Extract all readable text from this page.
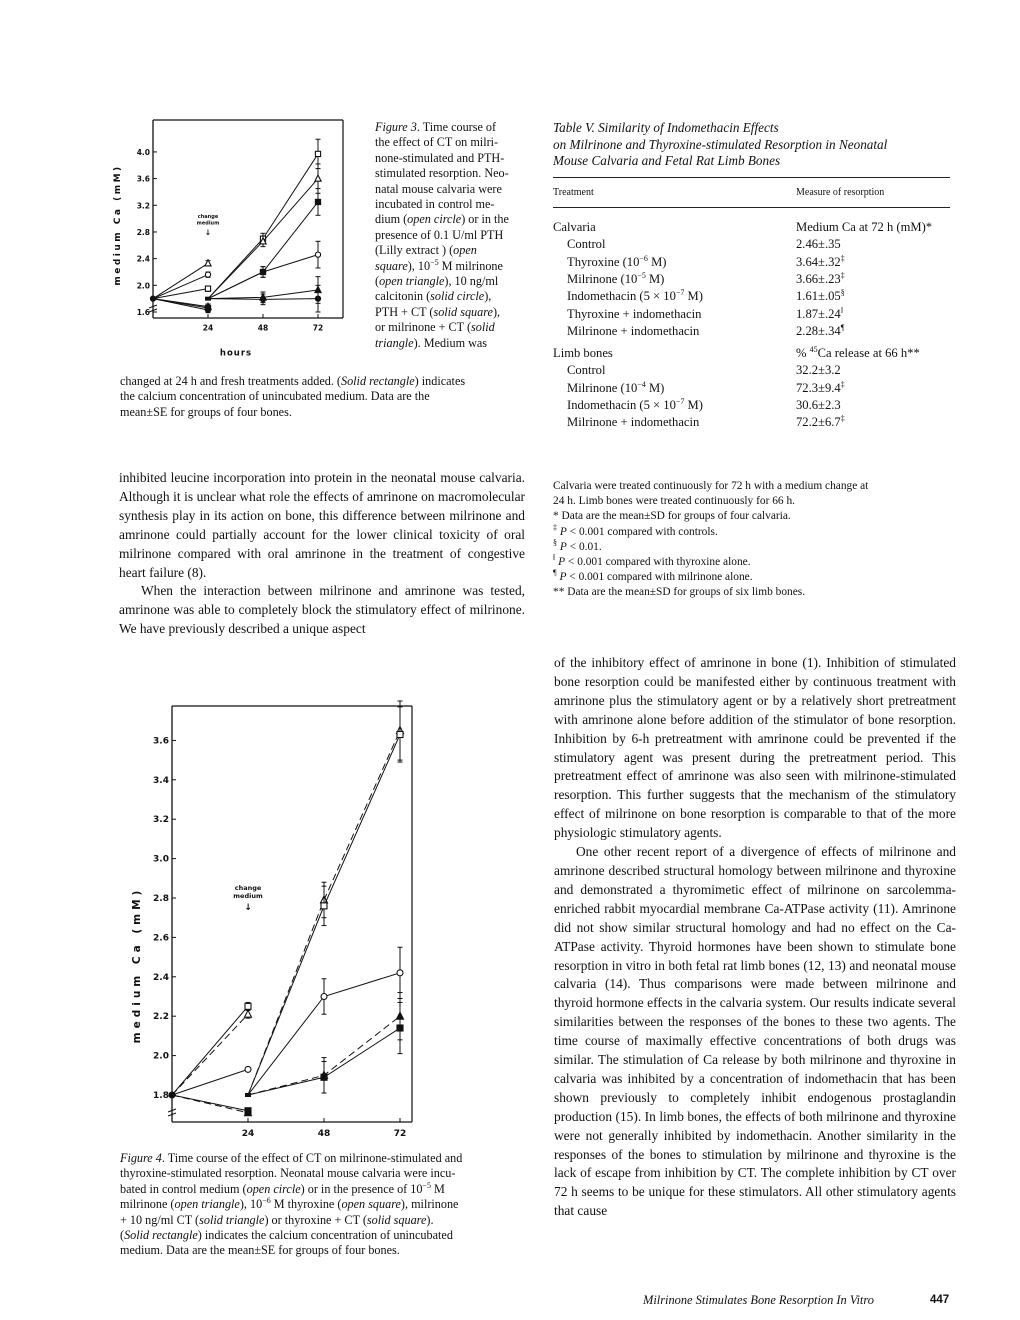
1.6
2.0
2.4
2.8
3.2
3.6
4.0
24	48	72
medium Ca (mM)
hours
change
medium
↓
Figure 3. Time course of
the effect of CT on milri-
none-stimulated and PTH-
stimulated resorption. Neo-
natal mouse calvaria were
incubated in control me-
dium (open circle) or in the
presence of 0.1 U/ml PTH
(Lilly extract ) (open
square), $10^{-5}$ M milrinone
(open triangle), 10 ng/ml
calcitonin (solid circle),
PTH + CT (solid square),
or milrinone + CT (solid
triangle). Medium was
changed at 24 h and fresh treatments added. (Solid rectangle) indicates
the calcium concentration of unincubated medium. Data are the
mean±SE for groups of four bones.

inhibited leucine incorporation into protein in the neonatal mouse calvaria. Although it is unclear what role the effects of amrinone on macromolecular synthesis play in its action on bone, this difference between milrinone and amrinone could partially account for the lower clinical toxicity of oral milrinone compared with oral amrinone in the treatment of congestive heart failure (8).

When the interaction between milrinone and amrinone was tested, amrinone was able to completely block the stimulatory effect of milrinone. We have previously described a unique aspect

1.8
2.0
2.2
2.4
2.6
2.8
3.0
3.2
3.4
3.6
24	48	72
medium Ca (mM)	change
medium
↓
Figure 4. Time course of the effect of CT on milrinone-stimulated and
thyroxine-stimulated resorption. Neonatal mouse calvaria were incu-
bated in control medium (open circle) or in the presence of $10^{-5}$ M
milrinone (open triangle), $10^{-6}$ M thyroxine (open square), milrinone
+ 10 ng/ml CT (solid triangle) or thyroxine + CT (solid square).
(Solid rectangle) indicates the calcium concentration of unincubated
medium. Data are the mean±SE for groups of four bones.
Table V. Similarity of Indomethacin Effects
on Milrinone and Thyroxine-stimulated Resorption in Neonatal
Mouse Calvaria and Fetal Rat Limb Bones
Treatment	Measure of resorption
Calvaria	Medium Ca at 72 h (mM)*
Control	2.46±.35
Thyroxine ($10^{-6}$ M)	3.64±.32‡
Milrinone ($10^{-5}$ M)	3.66±.23‡
Indomethacin ($5 \times 10^{-7}$ M)	1.61±.05§
Thyroxine + indomethacin	1.87±.24‖
Milrinone + indomethacin	2.28±.34¶
Limb bones	% $^{45}$Ca release at 66 h**
Control	32.2±3.2
Milrinone ($10^{-4}$ M)	72.3±9.4‡
Indomethacin ($5 \times 10^{-7}$ M)	30.6±2.3
Milrinone + indomethacin	72.2±6.7‡
Calvaria were treated continuously for 72 h with a medium change at
24 h. Limb bones were treated continuously for 66 h.
* Data are the mean±SD for groups of four calvaria.
‡ P < 0.001 compared with controls.
§ P < 0.01.
‖ P < 0.001 compared with thyroxine alone.
¶ P < 0.001 compared with milrinone alone.
** Data are the mean±SD for groups of six limb bones.

of the inhibitory effect of amrinone in bone (1). Inhibition of stimulated bone resorption could be manifested either by continuous treatment with amrinone plus the stimulatory agent or by a relatively short pretreatment with amrinone alone before addition of the stimulator of bone resorption. Inhibition by 6-h pretreatment with amrinone could be prevented if the stimulatory agent was present during the pretreatment period. This pretreatment effect of amrinone was also seen with milrinone-stimulated resorption. This further suggests that the mechanism of the stimulatory effect of milrinone on bone resorption is comparable to that of the more physiologic stimulatory agents.

One other recent report of a divergence of effects of milrinone and amrinone described structural homology between milrinone and thyroxine and demonstrated a thyromimetic effect of milrinone on sarcolemma-enriched rabbit myocardial membrane Ca-ATPase activity (11). Amrinone did not show similar structural homology and had no effect on the Ca-ATPase activity. Thyroid hormones have been shown to stimulate bone resorption in vitro in both fetal rat limb bones (12, 13) and neonatal mouse calvaria (14). Thus comparisons were made between milrinone and thyroid hormone effects in the calvaria system. Our results indicate several similarities between the responses of the bones to these two agents. The time course of maximally effective concentrations of both drugs was similar. The stimulation of Ca release by both milrinone and thyroxine in calvaria was inhibited by a concentration of indomethacin that has been shown previously to completely inhibit endogenous prostaglandin production (15). In limb bones, the effects of both milrinone and thyroxine were not generally inhibited by indomethacin. Another similarity in the responses of the bones to stimulation by milrinone and thyroxine is the lack of escape from inhibition by CT. The complete inhibition by CT over 72 h seems to be unique for these stimulators. All other stimulatory agents that cause

Milrinone Stimulates Bone Resorption In Vitro	447
